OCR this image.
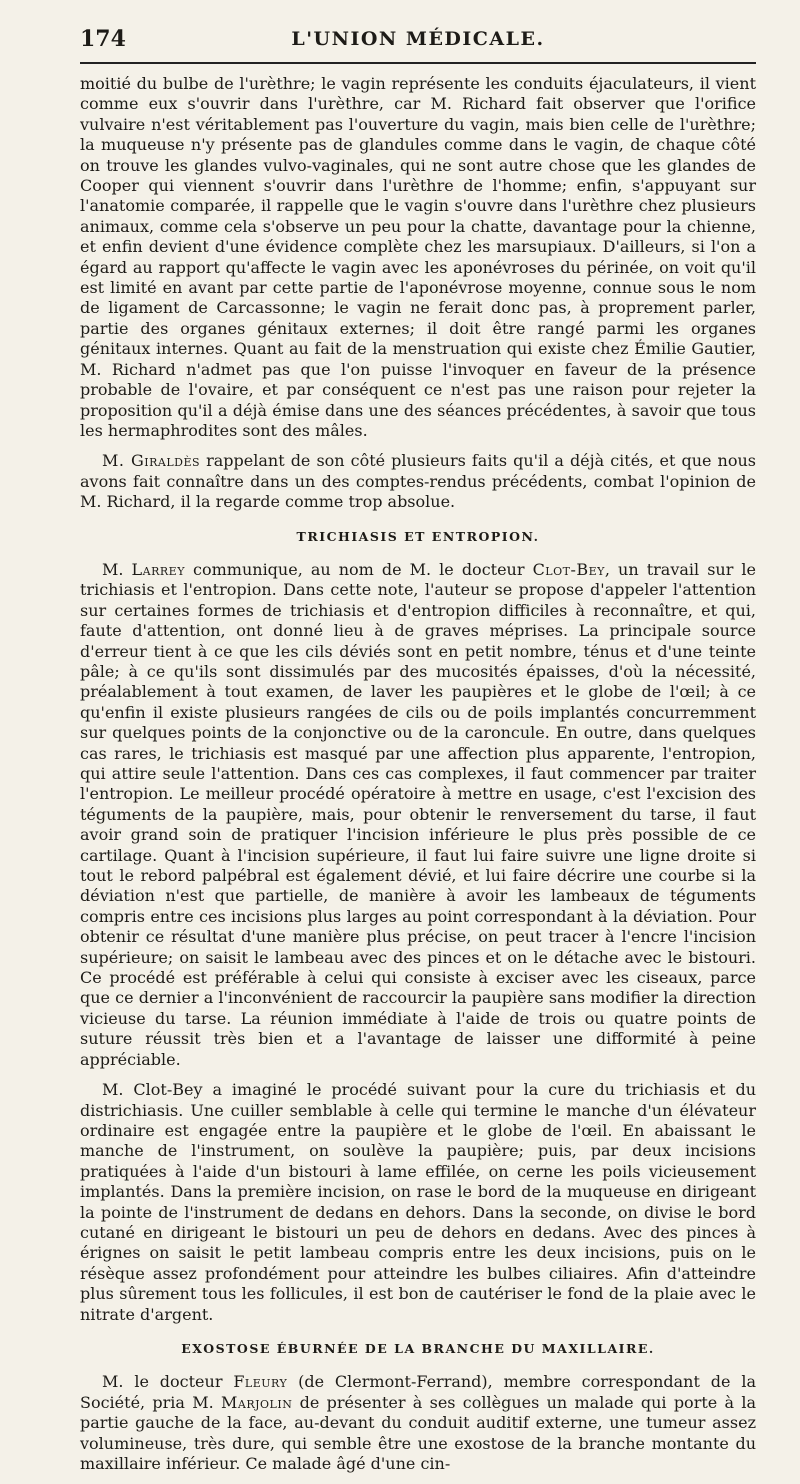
174	L'UNION MÉDICALE.

moitié du bulbe de l'urèthre; le vagin représente les conduits éjaculateurs, il vient comme eux s'ouvrir dans l'urèthre, car M. Richard fait observer que l'orifice vulvaire n'est véritablement pas l'ouverture du vagin, mais bien celle de l'urèthre; la muqueuse n'y présente pas de glandules comme dans le vagin, de chaque côté on trouve les glandes vulvo-vaginales, qui ne sont autre chose que les glandes de Cooper qui viennent s'ouvrir dans l'urèthre de l'homme; enfin, s'appuyant sur l'anatomie comparée, il rappelle que le vagin s'ouvre dans l'urèthre chez plusieurs animaux, comme cela s'observe un peu pour la chatte, davantage pour la chienne, et enfin devient d'une évidence complète chez les marsupiaux. D'ailleurs, si l'on a égard au rapport qu'affecte le vagin avec les aponévroses du périnée, on voit qu'il est limité en avant par cette partie de l'aponévrose moyenne, connue sous le nom de ligament de Carcassonne; le vagin ne ferait donc pas, à proprement parler, partie des organes génitaux externes; il doit être rangé parmi les organes génitaux internes. Quant au fait de la menstruation qui existe chez Émilie Gautier, M. Richard n'admet pas que l'on puisse l'invoquer en faveur de la présence probable de l'ovaire, et par conséquent ce n'est pas une raison pour rejeter la proposition qu'il a déjà émise dans une des séances précédentes, à savoir que tous les hermaphrodites sont des mâles.

M. Giraldès rappelant de son côté plusieurs faits qu'il a déjà cités, et que nous avons fait connaître dans un des comptes-rendus précédents, combat l'opinion de M. Richard, il la regarde comme trop absolue.

TRICHIASIS ET ENTROPION.

M. Larrey communique, au nom de M. le docteur Clot-Bey, un travail sur le trichiasis et l'entropion. Dans cette note, l'auteur se propose d'appeler l'attention sur certaines formes de trichiasis et d'entropion difficiles à reconnaître, et qui, faute d'attention, ont donné lieu à de graves méprises. La principale source d'erreur tient à ce que les cils déviés sont en petit nombre, ténus et d'une teinte pâle; à ce qu'ils sont dissimulés par des mucosités épaisses, d'où la nécessité, préalablement à tout examen, de laver les paupières et le globe de l'œil; à ce qu'enfin il existe plusieurs rangées de cils ou de poils implantés concurremment sur quelques points de la conjonctive ou de la caroncule. En outre, dans quelques cas rares, le trichiasis est masqué par une affection plus apparente, l'entropion, qui attire seule l'attention. Dans ces cas complexes, il faut commencer par traiter l'entropion. Le meilleur procédé opératoire à mettre en usage, c'est l'excision des téguments de la paupière, mais, pour obtenir le renversement du tarse, il faut avoir grand soin de pratiquer l'incision inférieure le plus près possible de ce cartilage. Quant à l'incision supérieure, il faut lui faire suivre une ligne droite si tout le rebord palpébral est également dévié, et lui faire décrire une courbe si la déviation n'est que partielle, de manière à avoir les lambeaux de téguments compris entre ces incisions plus larges au point correspondant à la déviation. Pour obtenir ce résultat d'une manière plus précise, on peut tracer à l'encre l'incision supérieure; on saisit le lambeau avec des pinces et on le détache avec le bistouri. Ce procédé est préférable à celui qui consiste à exciser avec les ciseaux, parce que ce dernier a l'inconvénient de raccourcir la paupière sans modifier la direction vicieuse du tarse. La réunion immédiate à l'aide de trois ou quatre points de suture réussit très bien et a l'avantage de laisser une difformité à peine appréciable.

M. Clot-Bey a imaginé le procédé suivant pour la cure du trichiasis et du districhiasis. Une cuiller semblable à celle qui termine le manche d'un élévateur ordinaire est engagée entre la paupière et le globe de l'œil. En abaissant le manche de l'instrument, on soulève la paupière; puis, par deux incisions pratiquées à l'aide d'un bistouri à lame effilée, on cerne les poils vicieusement implantés. Dans la première incision, on rase le bord de la muqueuse en dirigeant la pointe de l'instrument de dedans en dehors. Dans la seconde, on divise le bord cutané en dirigeant le bistouri un peu de dehors en dedans. Avec des pinces à érignes on saisit le petit lambeau compris entre les deux incisions, puis on le résèque assez profondément pour atteindre les bulbes ciliaires. Afin d'atteindre plus sûrement tous les follicules, il est bon de cautériser le fond de la plaie avec le nitrate d'argent.

EXOSTOSE ÉBURNÉE DE LA BRANCHE DU MAXILLAIRE.

M. le docteur Fleury (de Clermont-Ferrand), membre correspondant de la Société, pria M. Marjolin de présenter à ses collègues un malade qui porte à la partie gauche de la face, au-devant du conduit auditif externe, une tumeur assez volumineuse, très dure, qui semble être une exostose de la branche montante du maxillaire inférieur. Ce malade âgé d'une cin-
